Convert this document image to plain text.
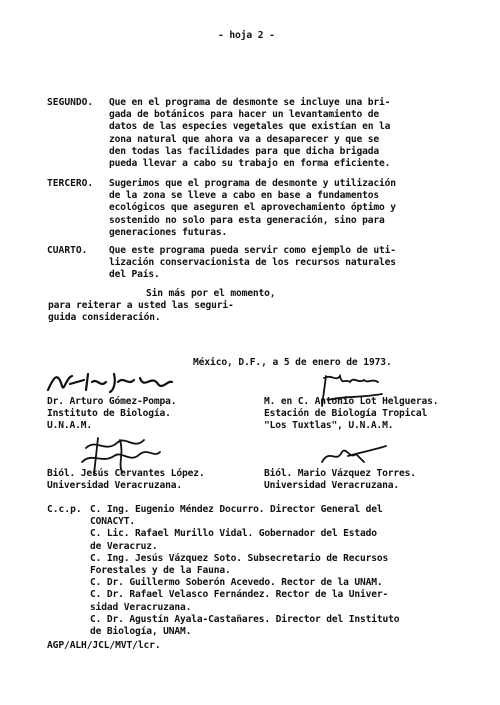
- hoja 2 -
SEGUNDO. Que en el programa de desmonte se incluye una bri-
gada de botánicos para hacer un levantamiento de
datos de las especies vegetales que existían en la
zona natural que ahora va a desaparecer y que se
den todas las facilidades para que dicha brigada
pueda llevar a cabo su trabajo en forma eficiente.
TERCERO. Sugerimos que el programa de desmonte y utilización
de la zona se lleve a cabo en base a fundamentos
ecológicos que aseguren el aprovechamiento óptimo y
sostenido no solo para esta generación, sino para
generaciones futuras.
CUARTO. Que este programa pueda servir como ejemplo de uti-
lización conservacionista de los recursos naturales
del País.
Sin más por el momento,
para reiterar a usted las seguri-
guida consideración.
México, D.F., a 5 de enero de 1973.
Dr. Arturo Gómez-Pompa.
Instituto de Biología.
U.N.A.M.
M. en C. Antonio Lot Helgueras.
Estación de Biología Tropical
"Los Tuxtlas", U.N.A.M.
Biól. Jesús Cervantes López.
Universidad Veracruzana.
Biól. Mario Vázquez Torres.
Universidad Veracruzana.
C.c.p. C. Ing. Eugenio Méndez Docurro. Director General del
CONACYT.
C. Lic. Rafael Murillo Vidal. Gobernador del Estado
de Veracruz.
C. Ing. Jesús Vázquez Soto. Subsecretario de Recursos
Forestales y de la Fauna.
C. Dr. Guillermo Soberón Acevedo. Rector de la UNAM.
C. Dr. Rafael Velasco Fernández. Rector de la Univer-
sidad Veracruzana.
C. Dr. Agustín Ayala-Castañares. Director del Instituto
de Biología, UNAM.
AGP/ALH/JCL/MVT/lcr.
